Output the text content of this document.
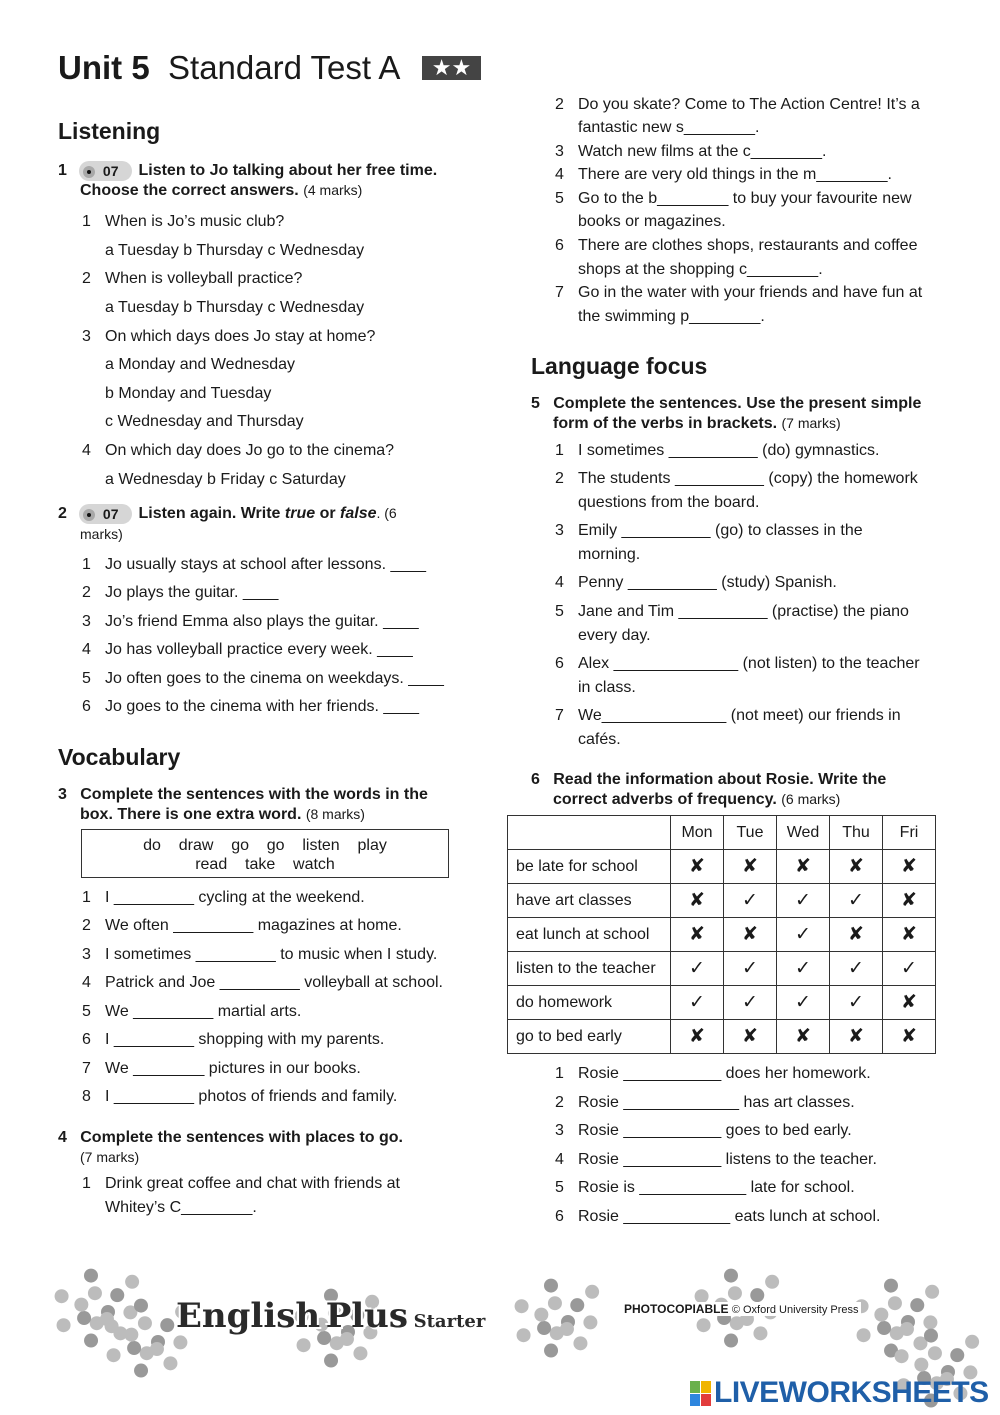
Unit 5 Standard Test A ★★
Listening
1	07 Listen to Jo talking about her free time.
Choose the correct answers. (4 marks)
1 When is Jo’s music club?
a Tuesday b Thursday c Wednesday
2 When is volleyball practice?
a Tuesday b Thursday c Wednesday
3 On which days does Jo stay at home?
a Monday and Wednesday
b Monday and Tuesday
c Wednesday and Thursday
4 On which day does Jo go to the cinema?
a Wednesday b Friday c Saturday
2	07 Listen again. Write true or false. (6
marks)
1 Jo usually stays at school after lessons. ____
2 Jo plays the guitar. ____
3 Jo’s friend Emma also plays the guitar. ____
4 Jo has volleyball practice every week. ____
5 Jo often goes to the cinema on weekdays. ____
6 Jo goes to the cinema with her friends. ____
Vocabulary
3 Complete the sentences with the words in the
box. There is one extra word. (8 marks)
do    draw    go    go    listen    play
read    take    watch
1 I _________ cycling at the weekend.
2 We often _________ magazines at home.
3 I sometimes _________ to music when I study.
4 Patrick and Joe _________ volleyball at school.
5 We _________ martial arts.
6 I _________ shopping with my parents.
7 We ________ pictures in our books.
8 I _________ photos of friends and family.
4 Complete the sentences with places to go.
(7 marks)
1 Drink great coffee and chat with friends at
Whitey’s C________.
2 Do you skate? Come to The Action Centre! It’s a
fantastic new s________.
3 Watch new films at the c________.
4 There are very old things in the m________.
5 Go to the b________ to buy your favourite new
books or magazines.
6 There are clothes shops, restaurants and coffee
shops at the shopping c________.
7 Go in the water with your friends and have fun at
the swimming p________.
Language focus
5 Complete the sentences. Use the present simple
form of the verbs in brackets. (7 marks)
1 I sometimes __________ (do) gymnastics.
2 The students __________ (copy) the homework
questions from the board.
3 Emily __________ (go) to classes in the
morning.
4 Penny __________ (study) Spanish.
5 Jane and Tim __________ (practise) the piano
every day.
6 Alex ______________ (not listen) to the teacher
in class.
7 We______________ (not meet) our friends in
cafés.
6 Read the information about Rosie. Write the
correct adverbs of frequency. (6 marks)
	Mon	Tue	Wed	Thu	Fri
be late for school	✘	✘	✘	✘	✘
have art classes	✘	✓	✓	✓	✘
eat lunch at school	✘	✘	✓	✘	✘
listen to the teacher	✓	✓	✓	✓	✓
do homework	✓	✓	✓	✓	✘
go to bed early	✘	✘	✘	✘	✘
1 Rosie ___________ does her homework.
2 Rosie _____________ has art classes.
3 Rosie ___________ goes to bed early.
4 Rosie ___________ listens to the teacher.
5 Rosie is ____________ late for school.
6 Rosie ____________ eats lunch at school.
English Plus Starter
PHOTOCOPIABLE © Oxford University Press
LIVEWORKSHEETS
